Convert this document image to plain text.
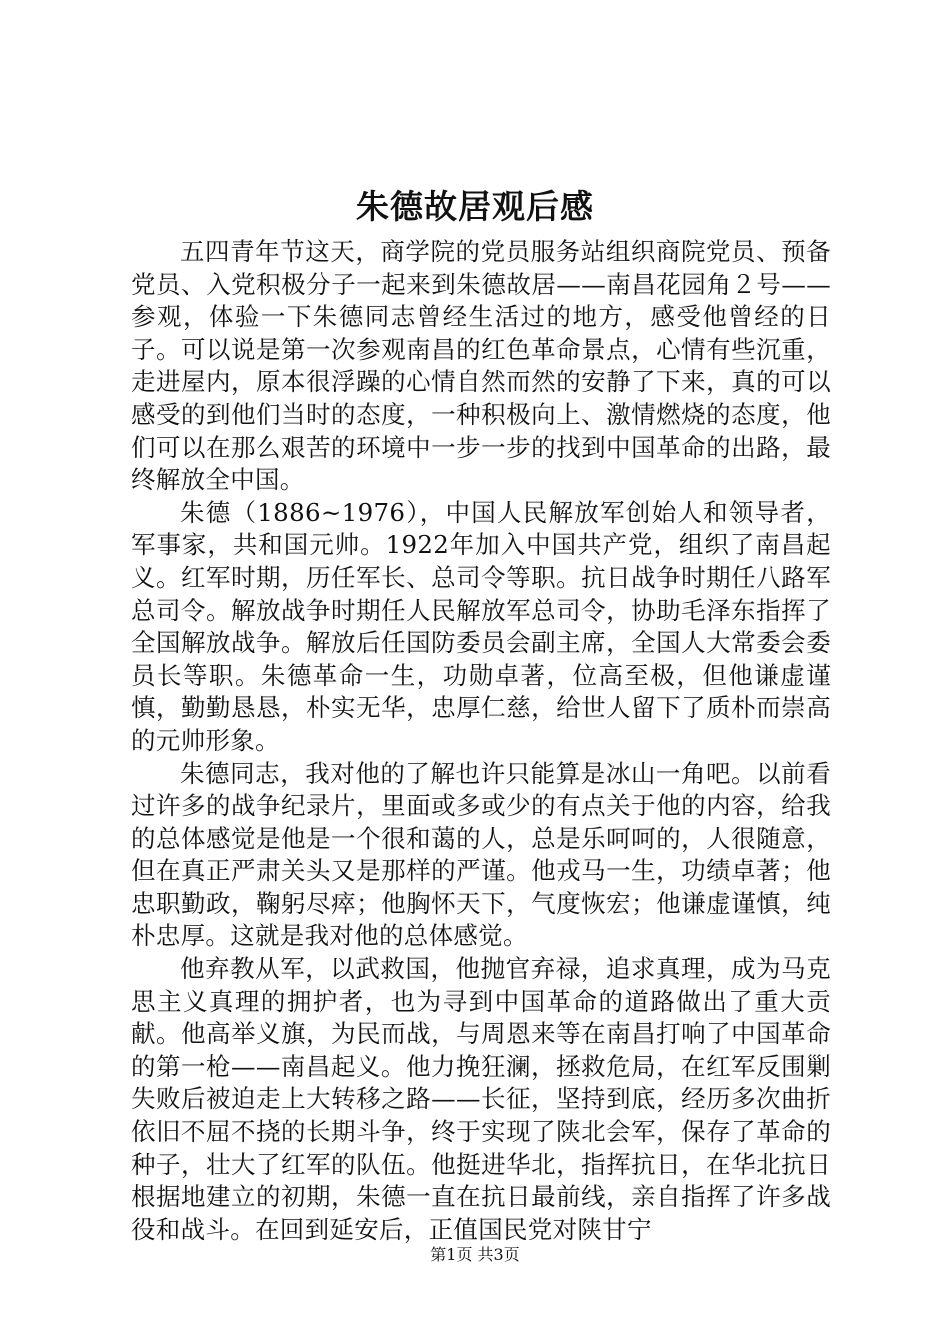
朱德故居观后感

五四青年节这天，商学院的党员服务站组织商院党员、预备党员、入党积极分子一起来到朱德故居——南昌花园角２号——参观，体验一下朱德同志曾经生活过的地方，感受他曾经的日子。可以说是第一次参观南昌的红色革命景点，心情有些沉重，走进屋内，原本很浮躁的心情自然而然的安静了下来，真的可以感受的到他们当时的态度，一种积极向上、激情燃烧的态度，他们可以在那么艰苦的环境中一步一步的找到中国革命的出路，最终解放全中国。

朱德（1886~1976），中国人民解放军创始人和领导者，军事家，共和国元帅。1922年加入中国共产党，组织了南昌起义。红军时期，历任军长、总司令等职。抗日战争时期任八路军总司令。解放战争时期任人民解放军总司令，协助毛泽东指挥了全国解放战争。解放后任国防委员会副主席，全国人大常委会委员长等职。朱德革命一生，功勋卓著，位高至极，但他谦虚谨慎，勤勤恳恳，朴实无华，忠厚仁慈，给世人留下了质朴而崇高的元帅形象。

朱德同志，我对他的了解也许只能算是冰山一角吧。以前看过许多的战争纪录片，里面或多或少的有点关于他的内容，给我的总体感觉是他是一个很和蔼的人，总是乐呵呵的，人很随意，但在真正严肃关头又是那样的严谨。他戎马一生，功绩卓著；他忠职勤政，鞠躬尽瘁；他胸怀天下，气度恢宏；他谦虚谨慎，纯朴忠厚。这就是我对他的总体感觉。

他弃教从军，以武救国，他抛官弃禄，追求真理，成为马克思主义真理的拥护者，也为寻到中国革命的道路做出了重大贡献。他高举义旗，为民而战，与周恩来等在南昌打响了中国革命的第一枪——南昌起义。他力挽狂澜，拯救危局，在红军反围剿失败后被迫走上大转移之路——长征，坚持到底，经历多次曲折依旧不屈不挠的长期斗争，终于实现了陕北会军，保存了革命的种子，壮大了红军的队伍。他挺进华北，指挥抗日，在华北抗日根据地建立的初期，朱德一直在抗日最前线，亲自指挥了许多战役和战斗。在回到延安后，正值国民党对陕甘宁

第1页 共3页
